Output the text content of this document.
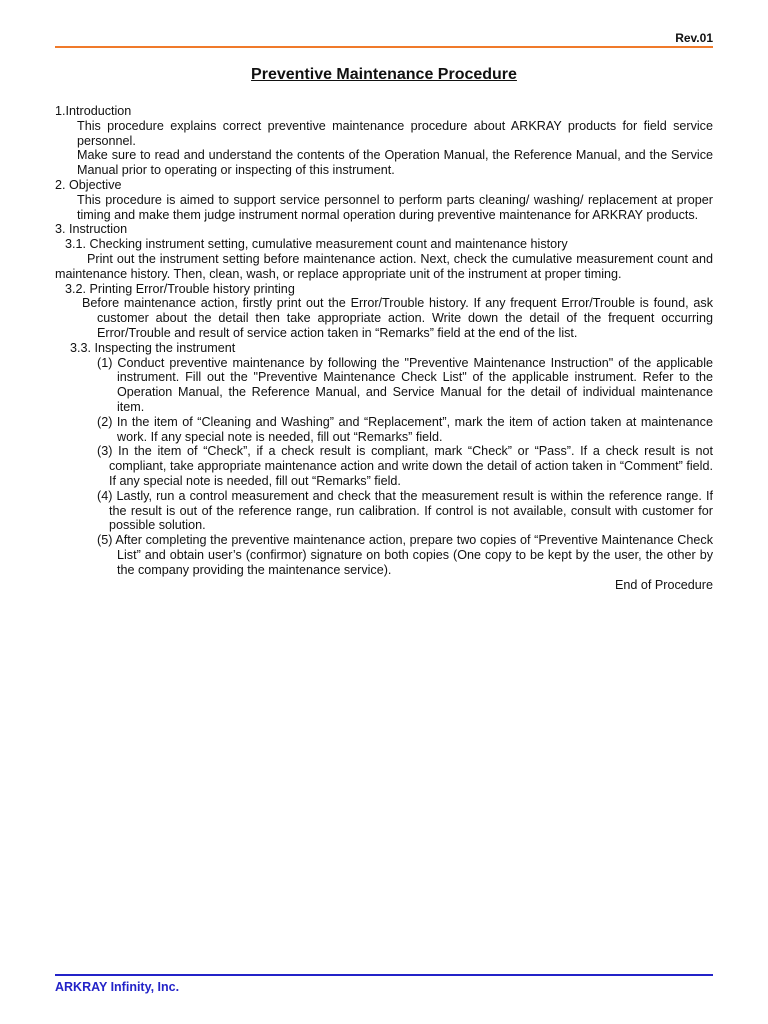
Rev.01
Preventive Maintenance Procedure

1.Introduction

This procedure explains correct preventive maintenance procedure about ARKRAY products for field service personnel.

Make sure to read and understand the contents of the Operation Manual, the Reference Manual, and the Service Manual prior to operating or inspecting of this instrument.

2. Objective

This procedure is aimed to support service personnel to perform parts cleaning/ washing/ replacement at proper timing and make them judge instrument normal operation during preventive maintenance for ARKRAY products.

3. Instruction

3.1. Checking instrument setting, cumulative measurement count and maintenance history

Print out the instrument setting before maintenance action. Next, check the cumulative measurement count and maintenance history. Then, clean, wash, or replace appropriate unit of the instrument at proper timing.

3.2. Printing Error/Trouble history printing

Before maintenance action, firstly print out the Error/Trouble history. If any frequent Error/Trouble is found, ask customer about the detail then take appropriate action. Write down the detail of the frequent occurring Error/Trouble and result of service action taken in “Remarks” field at the end of the list.

3.3. Inspecting the instrument

(1) Conduct preventive maintenance by following the "Preventive Maintenance Instruction" of the applicable instrument. Fill out the "Preventive Maintenance Check List" of the applicable instrument. Refer to the Operation Manual, the Reference Manual, and Service Manual for the detail of individual maintenance item.

(2) In the item of “Cleaning and Washing” and “Replacement”, mark the item of action taken at maintenance work. If any special note is needed, fill out “Remarks” field.

(3) In the item of “Check”, if a check result is compliant, mark “Check” or “Pass”. If a check result is not compliant, take appropriate maintenance action and write down the detail of action taken in “Comment” field. If any special note is needed, fill out “Remarks” field.

(4) Lastly, run a control measurement and check that the measurement result is within the reference range. If the result is out of the reference range, run calibration. If control is not available, consult with customer for possible solution.

(5) After completing the preventive maintenance action, prepare two copies of “Preventive Maintenance Check List” and obtain user’s (confirmor) signature on both copies (One copy to be kept by the user, the other by the company providing the maintenance service).

End of Procedure

ARKRAY Infinity, Inc.
